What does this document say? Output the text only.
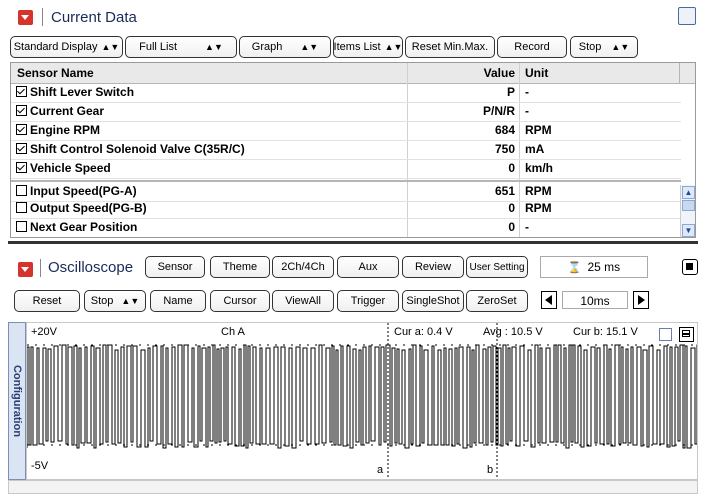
Current Data
Standard Display ▲▼ Full List	▲▼	Graph ▲▼ Items List ▲▼ Reset Min.Max. Record	Stop ▲▼
Sensor Name	Value Unit
Shift Lever Switch	P -
Current Gear	P/N/R -
Engine RPM	684 RPM
Shift Control Solenoid Valve C(35R/C)	750 mA
Vehicle Speed	0 km/h
Input Speed(PG-A)	651 RPM
Output Speed(PG-B)	0 RPM
Next Gear Position	0 -
▲
▼
Oscilloscope Sensor	Theme 2Ch/4Ch	Aux	Review User Setting	⌛ 25 ms
Reset	Stop ▲▼ Name	Cursor	ViewAll	Trigger SingleShot ZeroSet	10ms
Configuration
+20V
-5V
Ch A	Cur a: 0.4 V	Avg : 10.5 V	Cur b: 15.1 V
a	b
